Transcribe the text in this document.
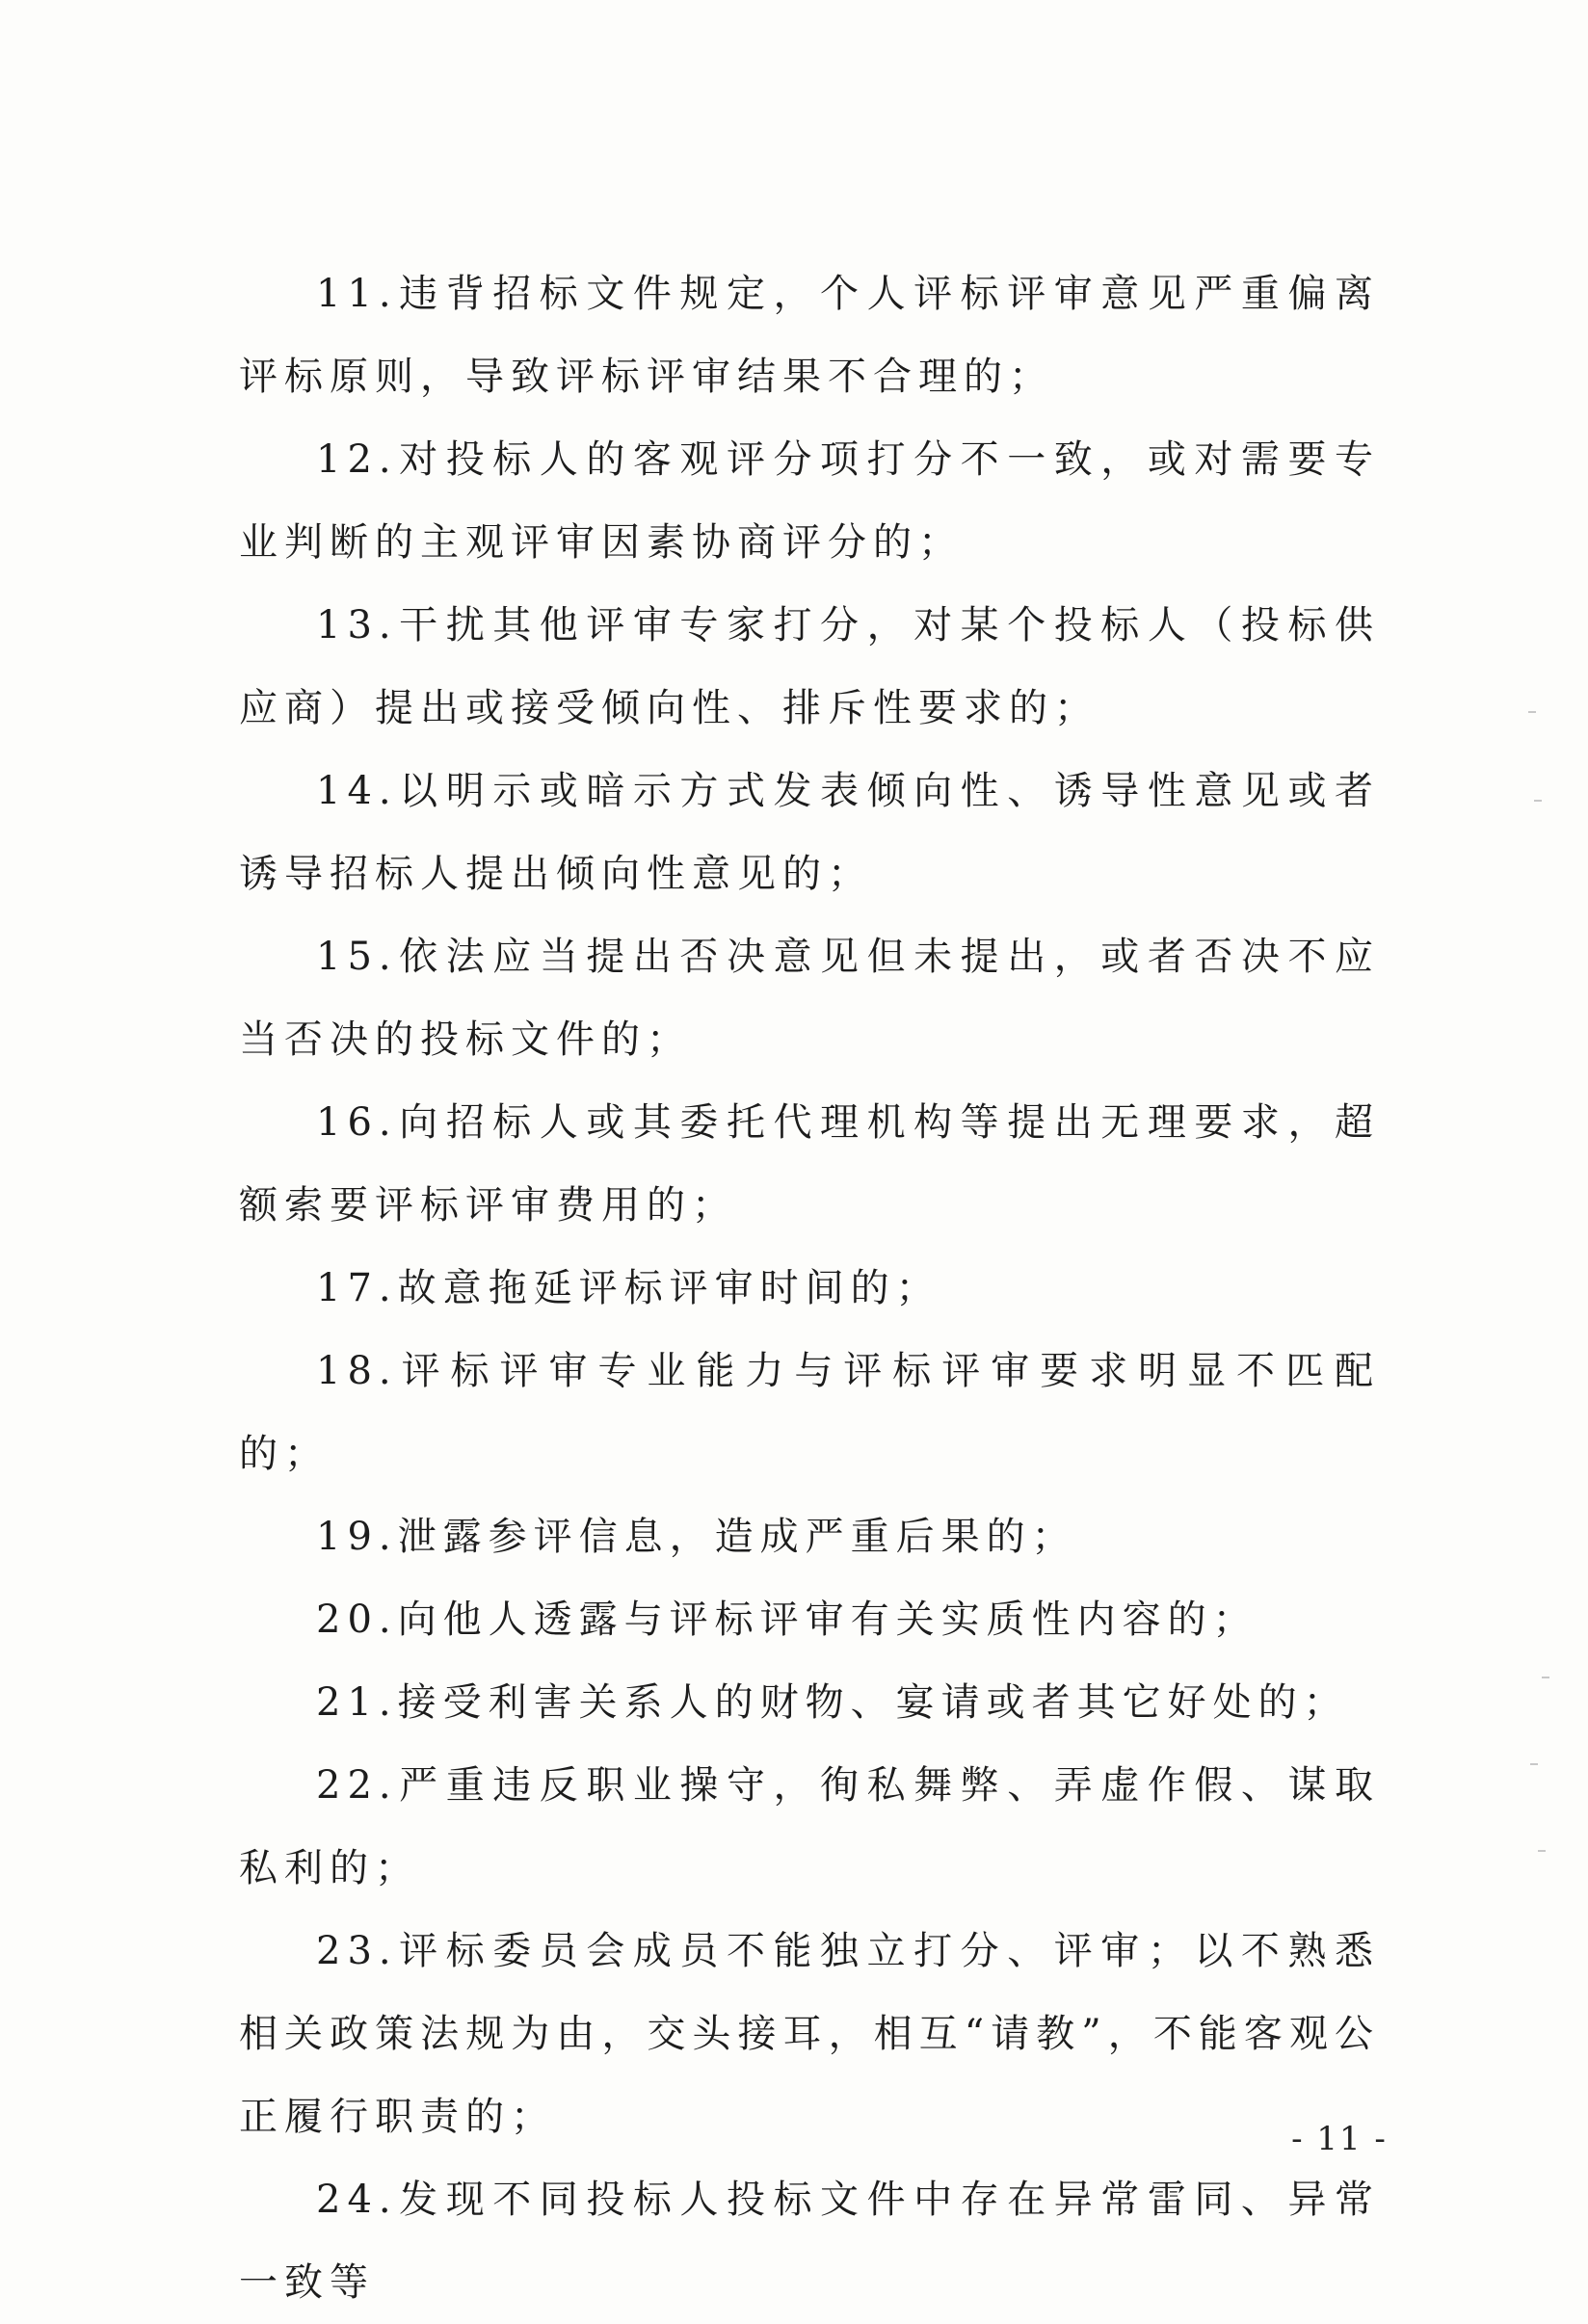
11.违背招标文件规定，个人评标评审意见严重偏离评标原则，导致评标评审结果不合理的；

12.对投标人的客观评分项打分不一致，或对需要专业判断的主观评审因素协商评分的；

13.干扰其他评审专家打分，对某个投标人（投标供应商）提出或接受倾向性、排斥性要求的；

14.以明示或暗示方式发表倾向性、诱导性意见或者诱导招标人提出倾向性意见的；

15.依法应当提出否决意见但未提出，或者否决不应当否决的投标文件的；

16.向招标人或其委托代理机构等提出无理要求，超额索要评标评审费用的；

17.故意拖延评标评审时间的；

18.评标评审专业能力与评标评审要求明显不匹配的；

19.泄露参评信息，造成严重后果的；

20.向他人透露与评标评审有关实质性内容的；

21.接受利害关系人的财物、宴请或者其它好处的；

22.严重违反职业操守，徇私舞弊、弄虚作假、谋取私利的；

23.评标委员会成员不能独立打分、评审；以不熟悉相关政策法规为由，交头接耳，相互“请教”，不能客观公正履行职责的；

24.发现不同投标人投标文件中存在异常雷同、异常一致等

- 11 -
